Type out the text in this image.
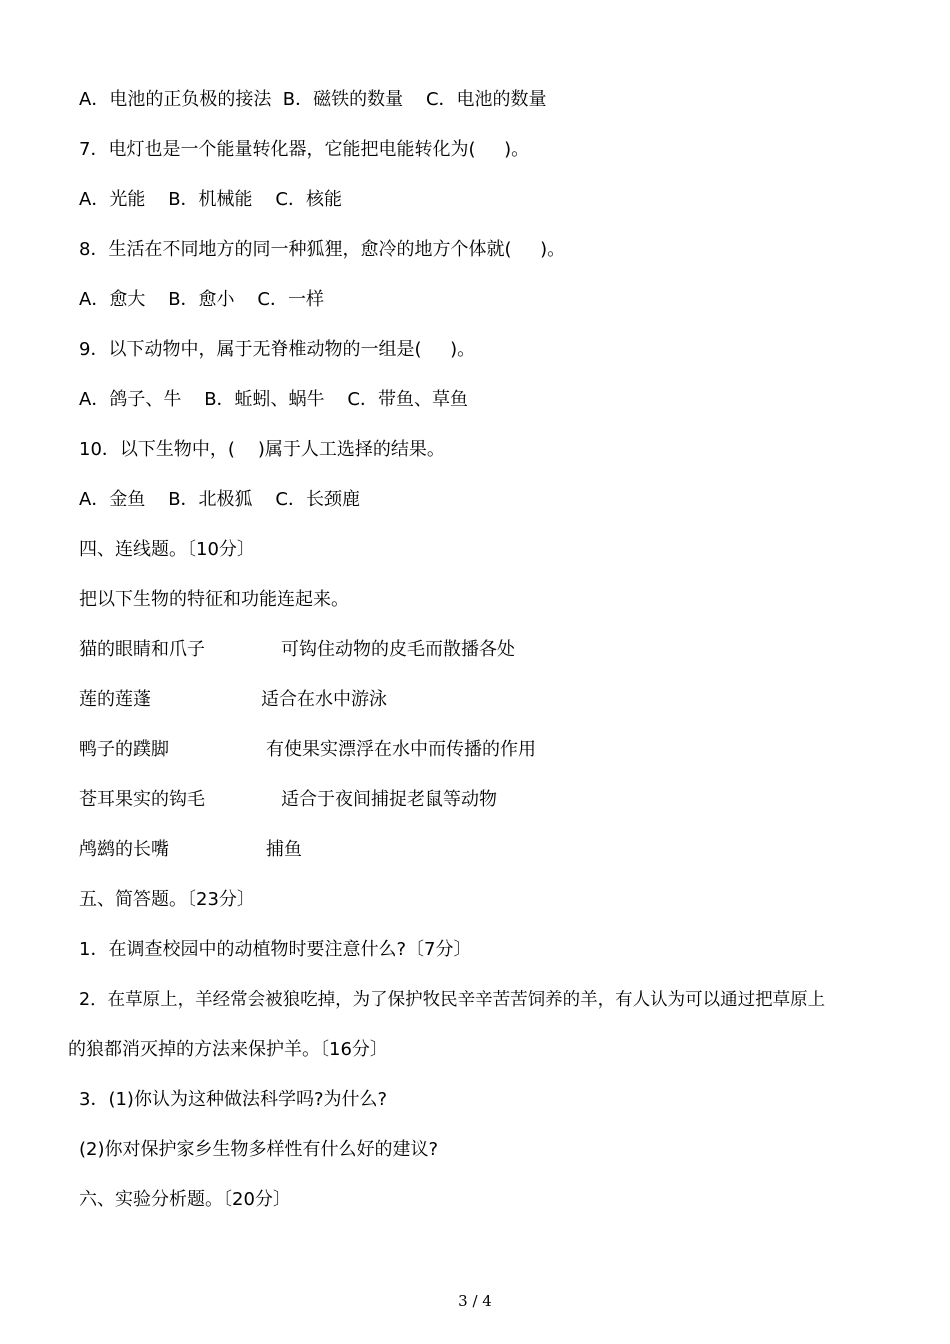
A．电池的正负极的接法  B．磁铁的数量    C．电池的数量

7．电灯也是一个能量转化器，它能把电能转化为(     )。

A．光能    B．机械能    C．核能

8．生活在不同地方的同一种狐狸，愈冷的地方个体就(     )。

A．愈大    B．愈小    C．一样

9．以下动物中，属于无脊椎动物的一组是(     )。

A．鸽子、牛    B．蚯蚓、蜗牛    C．带鱼、草鱼

10．以下生物中，(    )属于人工选择的结果。

A．金鱼    B．北极狐    C．长颈鹿

四、连线题。〔10分〕

把以下生物的特征和功能连起来。

猫的眼睛和爪子	可钩住动物的皮毛而散播各处

莲的莲蓬	适合在水中游泳

鸭子的蹼脚	有使果实漂浮在水中而传播的作用

苍耳果实的钩毛	适合于夜间捕捉老鼠等动物

鸬鹚的长嘴	捕鱼

五、简答题。〔23分〕

1．在调查校园中的动植物时要注意什么?〔7分〕

2．在草原上，羊经常会被狼吃掉，为了保护牧民辛辛苦苦饲养的羊，有人认为可以通过把草原上

的狼都消灭掉的方法来保护羊。〔16分〕

3．(1)你认为这种做法科学吗?为什么?

(2)你对保护家乡生物多样性有什么好的建议?

六、实验分析题。〔20分〕

3 / 4
